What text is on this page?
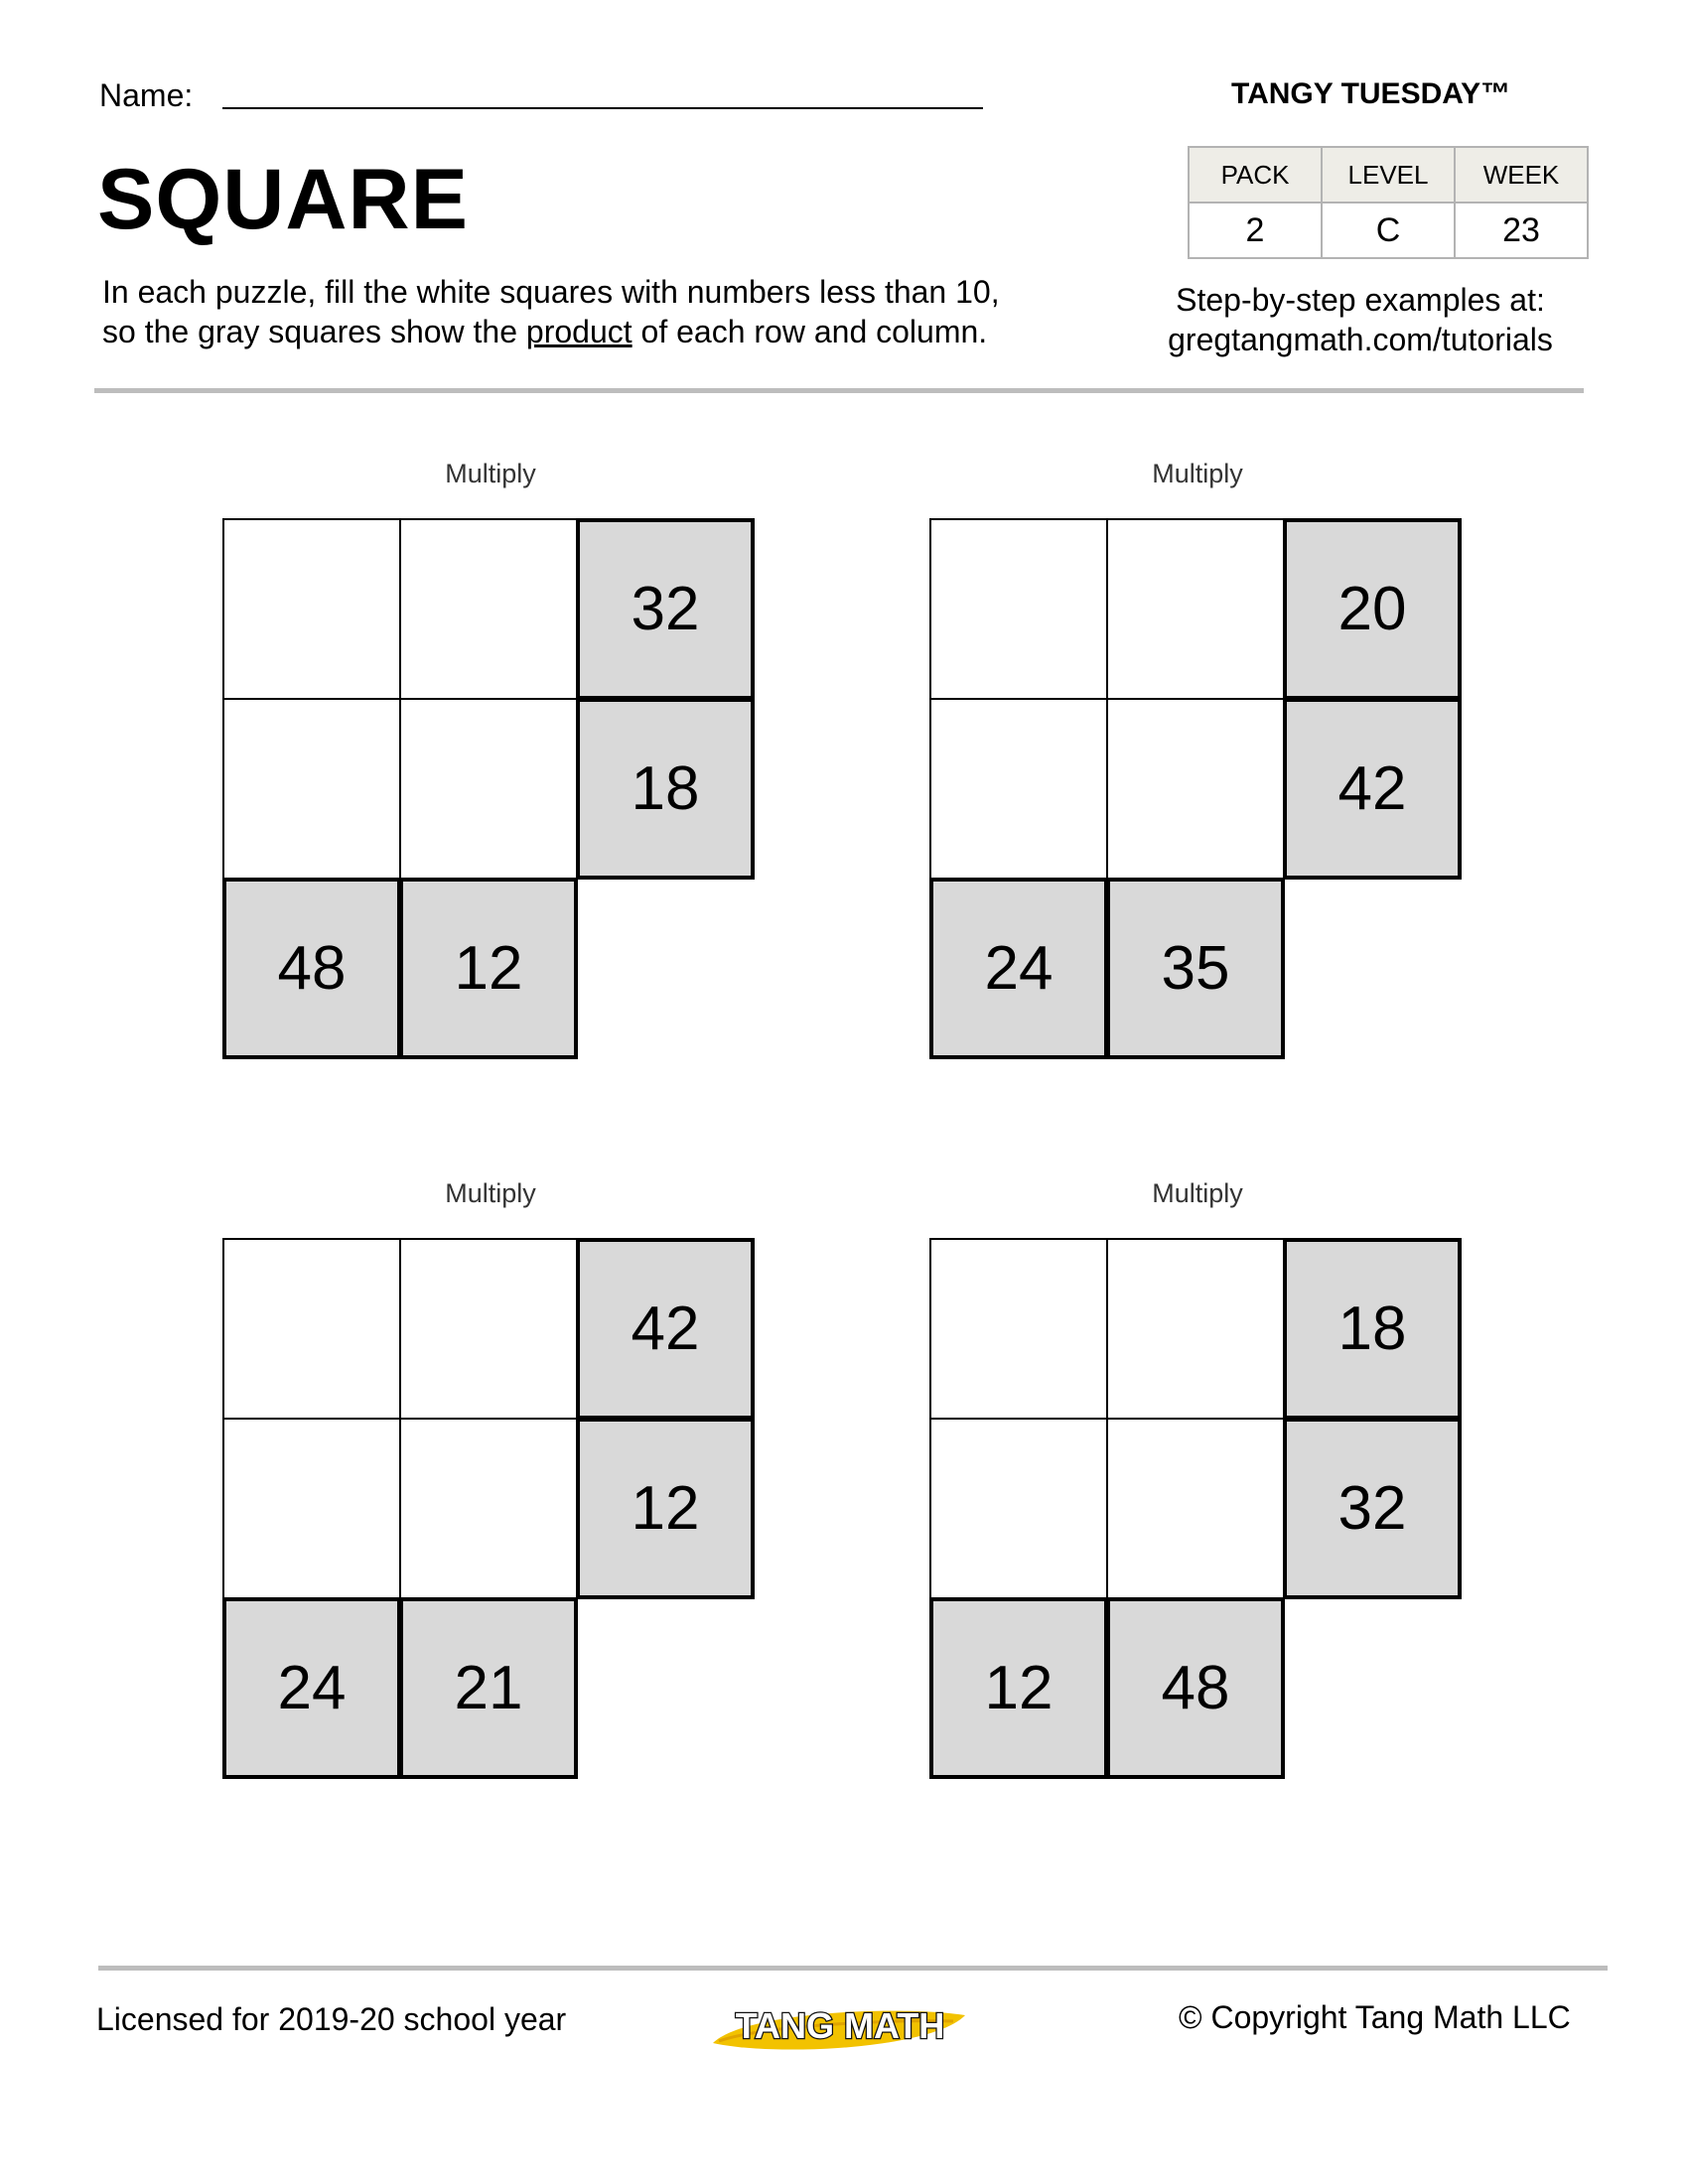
Name:
SQUARE
In each puzzle, fill the white squares with numbers less than 10,
so the gray squares show the product of each row and column.
TANGY TUESDAY™
PACK	LEVEL	WEEK
2	C	23
Step-by-step examples at:
gregtangmath.com/tutorials
Multiply
32
18
48	12
Multiply
20
42
24	35
Multiply
42
12
24	21
Multiply
18
32
12	48
Licensed for 2019-20 school year	TANG MATH	© Copyright Tang Math LLC
